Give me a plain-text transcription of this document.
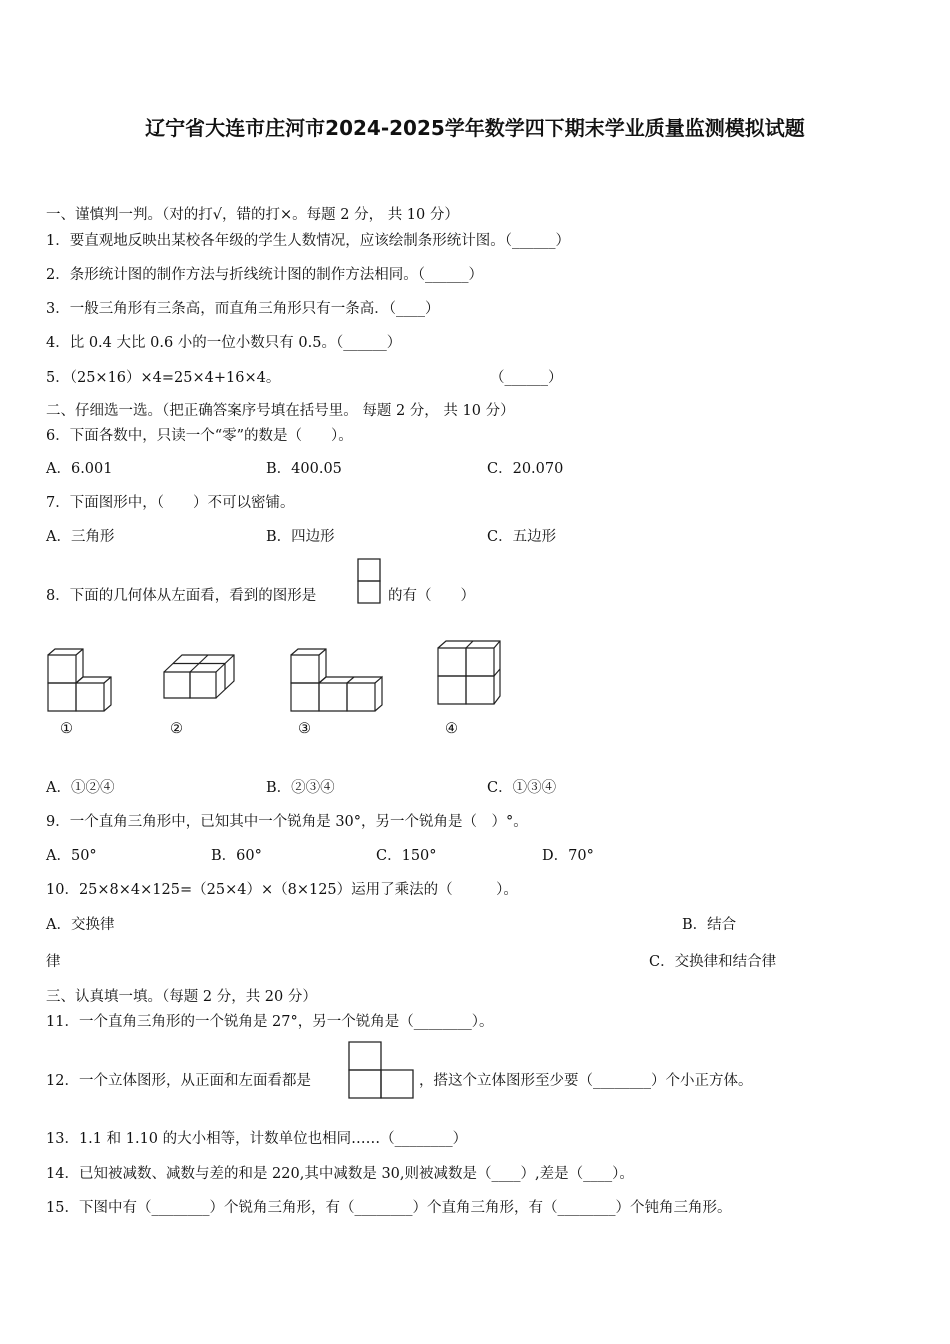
辽宁省大连市庄河市2024-2025学年数学四下期末学业质量监测模拟试题
一、谨慎判一判。（对的打√，错的打×。每题 2 分， 共 10 分）
1．要直观地反映出某校各年级的学生人数情况，应该绘制条形统计图。（______）
2．条形统计图的制作方法与折线统计图的制作方法相同。（______）
3．一般三角形有三条高，而直角三角形只有一条高．（____）
4．比 0.4 大比 0.6 小的一位小数只有 0.5。（______）
5．（25×16）×4=25×4+16×4。	（______）
二、仔细选一选。（把正确答案序号填在括号里。 每题 2 分， 共 10 分）
6．下面各数中，只读一个“零”的数是（　　）。
A．6.001	B．400.05	C．20.070
7．下面图形中，（　　）不可以密铺。
A．三角形	B．四边形	C．五边形
8．下面的几何体从左面看，看到的图形是	的有（　　）
①	②	③	④
A．①②④	B．②③④	C．①③④
9．一个直角三角形中，已知其中一个锐角是 30°，另一个锐角是（　）°。
A．50°	B．60°	C．150°	D．70°
10．25×8×4×125=（25×4）×（8×125）运用了乘法的（　　　）。
A．交换律	B．结合
律	C．交换律和结合律
三、认真填一填。（每题 2 分，共 20 分）
11．一个直角三角形的一个锐角是 27°，另一个锐角是（________）。
12．一个立体图形，从正面和左面看都是	，搭这个立体图形至少要（________）个小正方体。
13．1.1 和 1.10 的大小相等，计数单位也相同……（________）
14．已知被减数、减数与差的和是 220,其中减数是 30,则被减数是（____）,差是（____）。
15．下图中有（________）个锐角三角形，有（________）个直角三角形，有（________）个钝角三角形。
